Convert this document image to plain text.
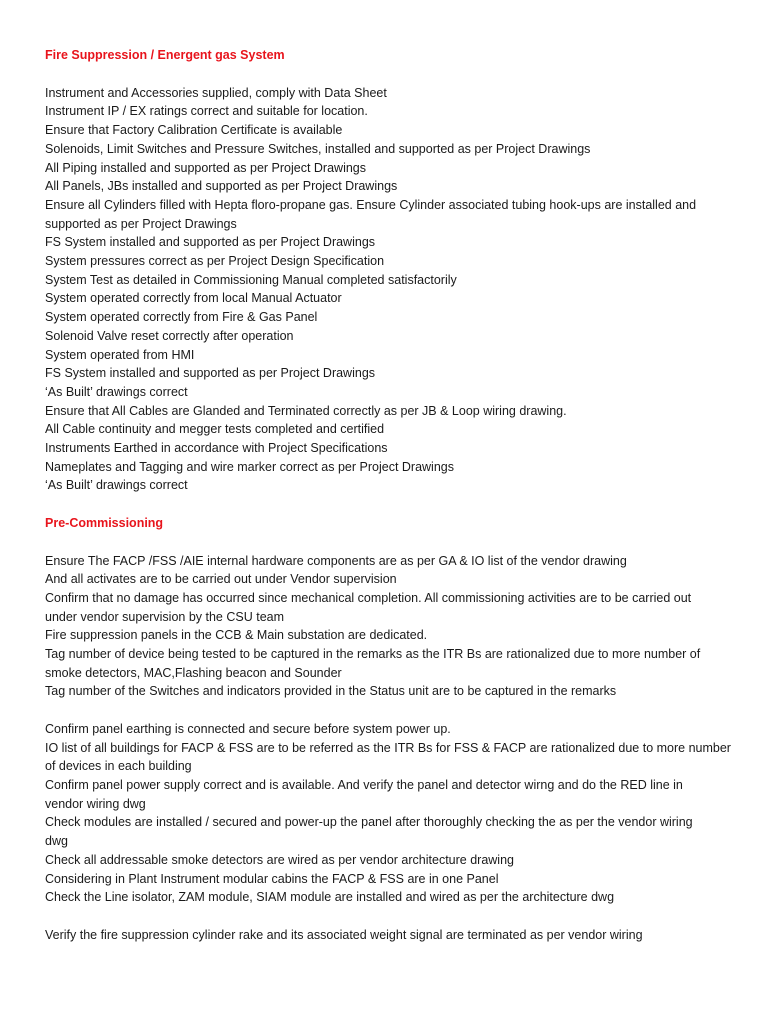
Fire Suppression / Energent gas System

Instrument and Accessories supplied, comply with Data Sheet

Instrument IP / EX ratings correct and suitable for location.

Ensure that Factory Calibration Certificate is available

Solenoids, Limit Switches and Pressure Switches, installed and supported as per Project Drawings

All Piping installed and supported as per Project Drawings

All Panels, JBs installed and supported as per Project Drawings

Ensure all Cylinders filled with Hepta floro-propane gas. Ensure Cylinder associated tubing hook-ups are installed and

supported as per Project Drawings

FS System installed and supported as per Project Drawings

System pressures correct as per Project Design Specification

System Test as detailed in Commissioning Manual completed satisfactorily

System operated correctly from local Manual Actuator

System operated correctly from Fire & Gas Panel

Solenoid Valve reset correctly after operation

System operated from HMI

FS System installed and supported as per Project Drawings

‘As Built’ drawings correct

Ensure that All Cables are Glanded and Terminated correctly as per JB & Loop wiring drawing.

All Cable continuity and megger tests completed and certified

Instruments Earthed in accordance with Project Specifications

Nameplates and Tagging and wire marker correct as per Project Drawings

‘As Built’ drawings correct

Pre-Commissioning

Ensure The FACP /FSS /AIE internal hardware components are as per GA & IO list of the vendor drawing

And all activates are to be carried out under Vendor supervision

Confirm that no damage has occurred since mechanical completion. All commissioning activities are to be carried out

under vendor supervision by the CSU team

Fire suppression panels in the CCB & Main substation are dedicated.

Tag number of device being tested to be captured in the remarks as the ITR Bs are rationalized due to more number of

smoke detectors, MAC,Flashing beacon and Sounder

Tag number of the Switches and indicators provided in the Status unit are to be captured in the remarks

Confirm panel earthing is connected and secure before system power up.

IO list of all buildings for FACP & FSS are to be referred as the ITR Bs for FSS & FACP are rationalized due to more number

of devices in each building

Confirm panel power supply correct and is available. And verify the panel and detector wirng and do the RED line in

vendor wiring dwg

Check modules are installed / secured and power-up the panel after thoroughly checking the as per the vendor wiring

dwg

Check all addressable smoke detectors are wired as per vendor architecture drawing

Considering in Plant Instrument modular cabins the FACP & FSS are in one Panel

Check the Line isolator, ZAM module, SIAM module are installed and wired as per the architecture dwg

Verify the fire suppression cylinder rake and its associated weight signal are terminated as per vendor wiring
